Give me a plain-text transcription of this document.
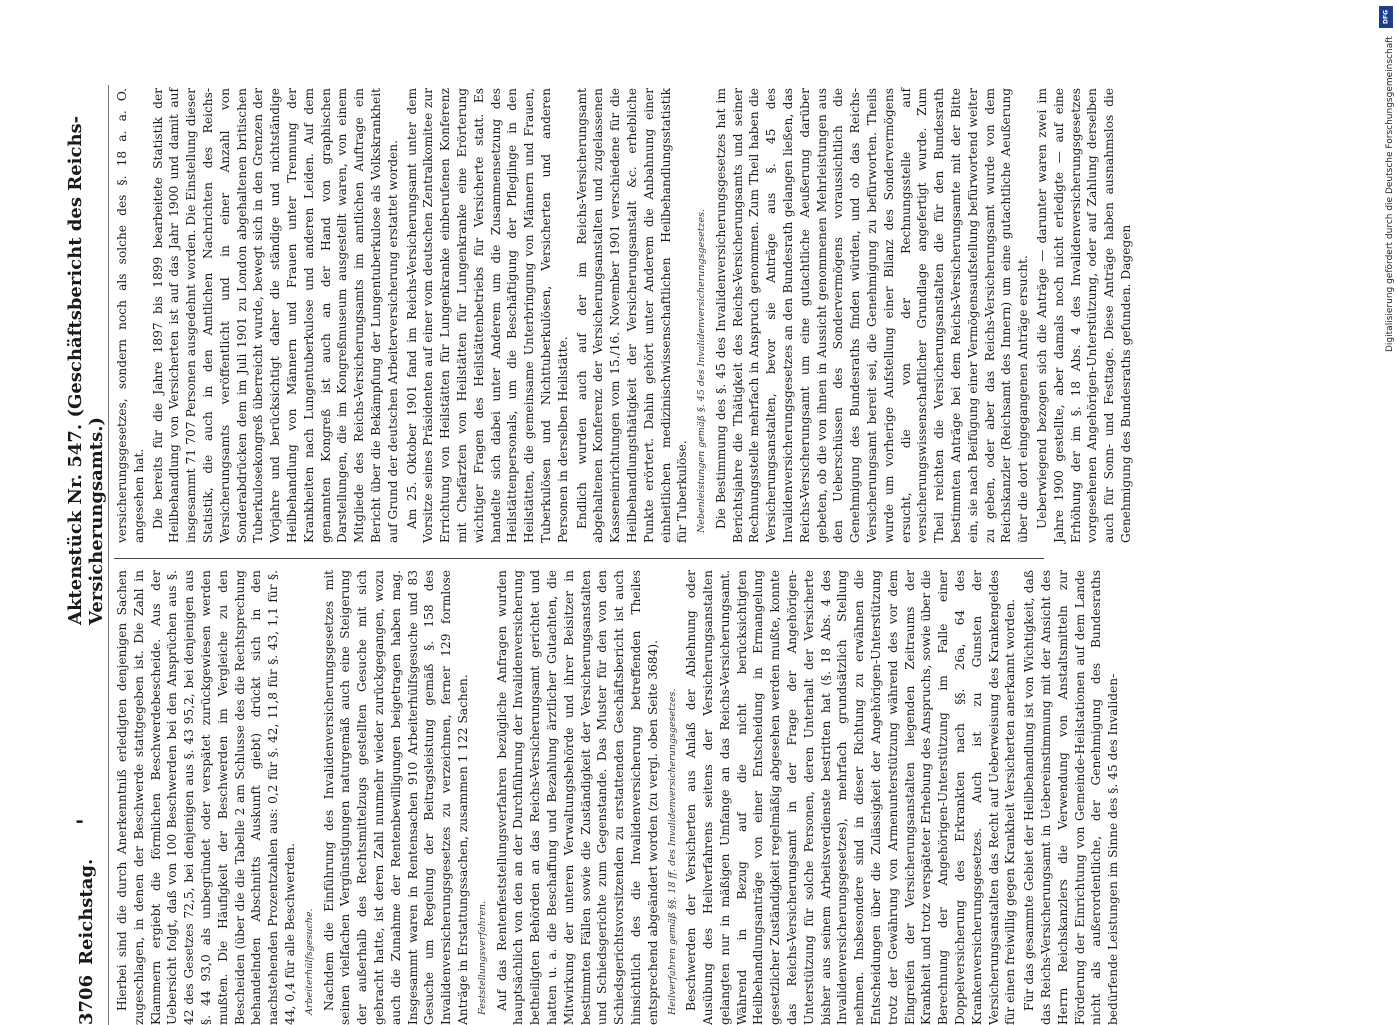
3706
Reichstag.
'
Aktenstück Nr. 547. (Geschäftsbericht des Reichs-Versicherungsamts.)

Hierbei sind die durch Anerkenntniß erledigten denjenigen Sachen zugeschlagen, in denen der Beschwerde stattgegeben ist. Die Zahl in Klammern ergiebt die förmlichen Beschwerdebescheide. Aus der Uebersicht folgt, daß von 100 Beschwerden bei den Ansprüchen aus §. 42 des Gesetzes 72,5, bei denjenigen aus §. 43 95,2, bei denjenigen aus §. 44 93,0 als unbegründet oder verspätet zurückgewiesen werden mußten. Die Häufigkeit der Beschwerden im Vergleiche zu den Bescheiden (über die die Tabelle 2 am Schlusse des die Rechtsprechung behandelnden Abschnitts Auskunft giebt) drückt sich in den nachstehenden Prozentzahlen aus: 0,2 für §. 42, 11,8 für §. 43, 1,1 für §. 44, 0,4 für alle Beschwerden. Arbeiterhülfsgesuche. Nachdem die Einführung des Invalidenversicherungsgesetzes mit seinen vielfachen Vergünstigungen naturgemäß auch eine Steigerung der außerhalb des Rechtsmittelzugs gestellten Gesuche mit sich gebracht hatte, ist deren Zahl nunmehr wieder zurückgegangen, wozu auch die Zunahme der Rentenbewilligungen beigetragen haben mag. Insgesammt waren in Rentensachen 910 Arbeiterhülfsgesuche und 83 Gesuche um Regelung der Beitragsleistung gemäß §. 158 des Invalidenversicherungsgesetzes zu verzeichnen, ferner 129 formlose Anträge in Erstattungssachen, zusammen 1 122 Sachen. Feststellungsverfahren. Auf das Rentenfeststellungsverfahren bezügliche Anfragen wurden hauptsächlich von den an der Durchführung der Invalidenversicherung betheiligten Behörden an das Reichs-Versicherungsamt gerichtet und hatten u. a. die Beschaffung und Bezahlung ärztlicher Gutachten, die Mitwirkung der unteren Verwaltungsbehörde und ihrer Beisitzer in bestimmten Fällen sowie die Zuständigkeit der Versicherungsanstalten und Schiedsgerichte zum Gegenstande. Das Muster für den von den Schiedsgerichtsvorsitzenden zu erstattenden Geschäftsbericht ist auch hinsichtlich des die Invalidenversicherung betreffenden Theiles entsprechend abgeändert worden (zu vergl. oben Seite 3684). Heilverfahren gemäß §§. 18 ff. des Invalidenversicherungsgesetzes. Beschwerden der Versicherten aus Anlaß der Ablehnung oder Ausübung des Heilverfahrens seitens der Versicherungsanstalten gelangten nur in mäßigen Umfange an das Reichs-Versicherungsamt. Während in Bezug auf die nicht berücksichtigten Heilbehandlungsanträge von einer Entscheidung in Ermangelung gesetzlicher Zuständigkeit regelmäßig abgesehen werden mußte, konnte das Reichs-Versicherungsamt in der Frage der Angehörigen-Unterstützung für solche Personen, deren Unterhalt der Versicherte bisher aus seinem Arbeitsverdienste bestritten hat (§. 18 Abs. 4 des Invalidenversicherungsgesetzes), mehrfach grundsätzlich Stellung nehmen. Insbesondere sind in dieser Richtung zu erwähnen die Entscheidungen über die Zulässigkeit der Angehörigen-Unterstützung trotz der Gewährung von Armenunterstützung während des vor dem Eingreifen der Versicherungsanstalten liegenden Zeitraums der Krankheit und trotz verspäteter Erhebung des Anspruchs, sowie über die Berechnung der Angehörigen-Unterstützung im Falle einer Doppelversicherung des Erkrankten nach §§. 26a, 64 des Krankenversicherungsgesetzes. Auch ist zu Gunsten der Versicherungsanstalten das Recht auf Ueberweisung des Krankengeldes für einen freiwillig gegen Krankheit Versicherten anerkannt worden. Für das gesammte Gebiet der Heilbehandlung ist von Wichtigkeit, daß das Reichs-Versicherungsamt in Uebereinstimmung mit der Ansicht des Herrn Reichskanzlers die Verwendung von Anstaltsmitteln zur Förderung der Einrichtung von Gemeinde-Heilstationen auf dem Lande nicht als außerordentliche, der Genehmigung des Bundesraths bedürfende Leistungen im Sinne des §. 45 des Invaliden-

versicherungsgesetzes, sondern noch als solche des §. 18 a. a. O. angesehen hat. Die bereits für die Jahre 1897 bis 1899 bearbeitete Statistik der Heilbehandlung von Versicherten ist auf das Jahr 1900 und damit auf insgesammt 71 707 Personen ausgedehnt worden. Die Einstellung dieser Statistik, die auch in den Amtlichen Nachrichten des Reichs-Versicherungsamts veröffentlicht und in einer Anzahl von Sonderabdrücken dem im Juli 1901 zu London abgehaltenen britischen Tuberkulosekongreß überreicht wurde, bewegt sich in den Grenzen der Vorjahre und berücksichtigt daher die ständige und nichtständige Heilbehandlung von Männern und Frauen unter Trennung der Krankheiten nach Lungentuberkulose und anderen Leiden. Auf dem genannten Kongreß ist auch an der Hand von graphischen Darstellungen, die im Kongreßmuseum ausgestellt waren, von einem Mitgliede des Reichs-Versicherungsamts im amtlichen Auftrage ein Bericht über die Bekämpfung der Lungentuberkulose als Volkskrankheit auf Grund der deutschen Arbeiterversicherung erstattet worden. Am 25. Oktober 1901 fand im Reichs-Versicherungsamt unter dem Vorsitze seines Präsidenten auf einer vom deutschen Zentralkomitee zur Errichtung von Heilstätten für Lungenkranke einberufenen Konferenz mit Chefärzten von Heilstätten für Lungenkranke eine Erörterung wichtiger Fragen des Heilstättenbetriebs für Versicherte statt. Es handelte sich dabei unter Anderem um die Zusammensetzung des Heilstättenpersonals, um die Beschäftigung der Pfleglinge in den Heilstätten, die gemeinsame Unterbringung von Männern und Frauen, Tuberkulösen und Nichttuberkulösen, Versicherten und anderen Personen in derselben Heilstätte. Endlich wurden auch auf der im Reichs-Versicherungsamt abgehaltenen Konferenz der Versicherungsanstalten und zugelassenen Kasseneinrichtungen vom 15./16. November 1901 verschiedene für die Heilbehandlungsthätigkeit der Versicherungsanstalt &c. erhebliche Punkte erörtert. Dahin gehört unter Anderem die Anbahnung einer einheitlichen medizinischwissenschaftlichen Heilbehandlungsstatistik für Tuberkulöse. Nebenleistungen gemäß §. 45 des Invalidenversicherungsgesetzes. Die Bestimmung des §. 45 des Invalidenversicherungsgesetzes hat im Berichtsjahre die Thätigkeit des Reichs-Versicherungsamts und seiner Rechnungsstelle mehrfach in Anspruch genommen. Zum Theil haben die Versicherungsanstalten, bevor sie Anträge aus §. 45 des Invalidenversicherungsgesetzes an den Bundesrath gelangen ließen, das Reichs-Versicherungsamt um eine gutachtliche Aeußerung darüber gebeten, ob die von ihnen in Aussicht genommenen Mehrleistungen aus den Ueberschüssen des Sondervermögens voraussichtlich die Genehmigung des Bundesraths finden würden, und ob das Reichs-Versicherungsamt bereit sei, die Genehmigung zu befürworten. Theils wurde um vorherige Aufstellung einer Bilanz des Sondervermögens ersucht, die von der Rechnungsstelle auf versicherungswissenschaftlicher Grundlage angefertigt wurde. Zum Theil reichten die Versicherungsanstalten die für den Bundesrath bestimmten Anträge bei dem Reichs-Versicherungsamte mit der Bitte ein, sie nach Beifügung einer Vermögensaufstellung befürwortend weiter zu geben, oder aber das Reichs-Versicherungsamt wurde von dem Reichskanzler (Reichsamt des Innern) um eine gutachtliche Aeußerung über die dort eingegangenen Anträge ersucht. Ueberwiegend bezogen sich die Anträge — darunter waren zwei im Jahre 1900 gestellte, aber damals noch nicht erledigte — auf eine Erhöhung der im §. 18 Abs. 4 des Invalidenversicherungsgesetzes vorgesehenen Angehörigen-Unterstützung, oder auf Zahlung derselben auch für Sonn- und Festtage. Diese Anträge haben ausnahmslos die Genehmigung des Bundesraths gefunden. Dagegen

DFG
Digitalisierung gefördert durch die Deutsche Forschungsgemeinschaft
